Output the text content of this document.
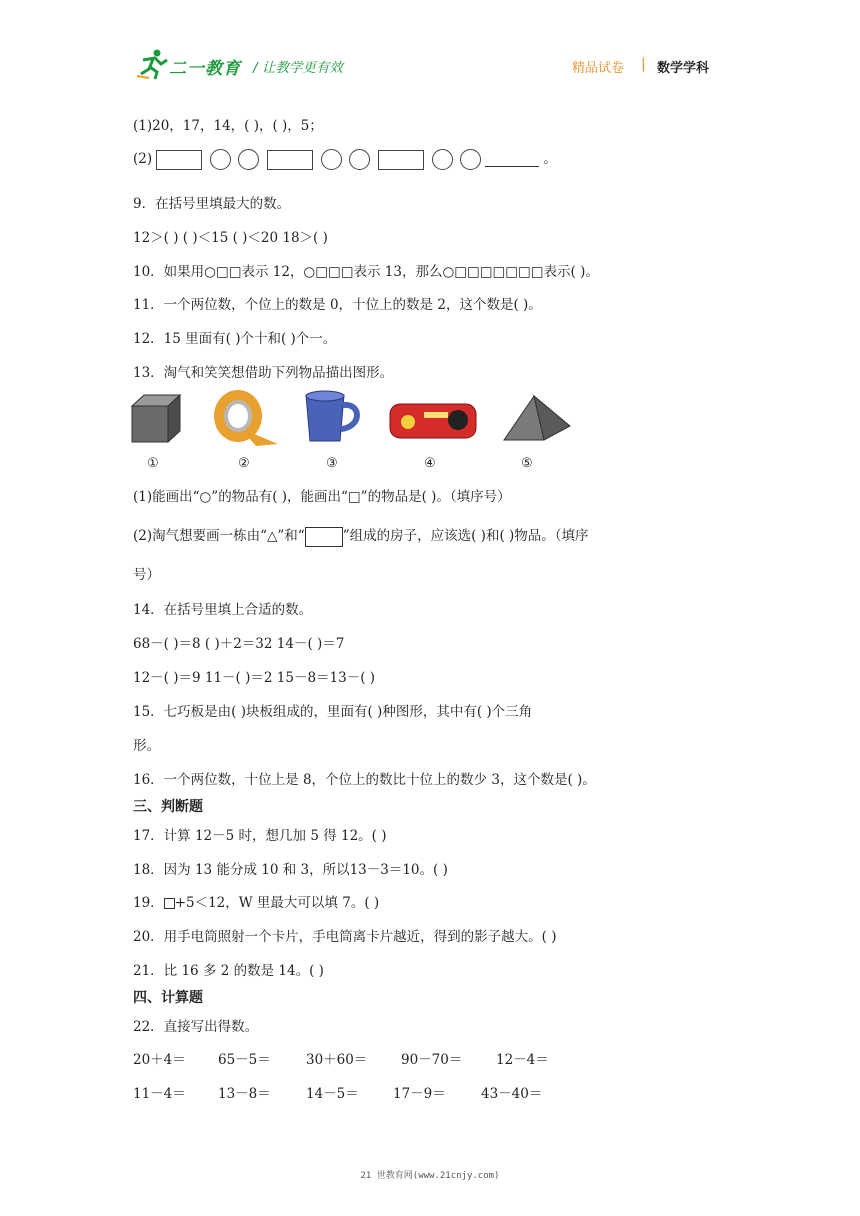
二一教育 / 让教学更有效	精品试卷 | 数学学科
(1)20，17，14，( )，( )，5；
(2)	。
9．在括号里填最大的数。
12＞( ) ( )＜15 ( )＜20 18＞( )
10．如果用○□□表示 12，○□□□表示 13，那么○□□□□□□□表示( )。
11．一个两位数，个位上的数是 0，十位上的数是 2，这个数是( )。
12．15 里面有( )个十和( )个一。
13．淘气和笑笑想借助下列物品描出图形。
①	②	③	④	⑤
(1)能画出“○”的物品有( )，能画出“□”的物品是( )。（填序号）
(2)淘气想要画一栋由“△”和“	”组成的房子，应该选( )和( )物品。（填序
号）
14．在括号里填上合适的数。
68－( )＝8 ( )＋2＝32 14－( )＝7
12－( )＝9 11－( )＝2 15－8＝13－( )
15．七巧板是由( )块板组成的，里面有( )种图形，其中有( )个三角
形。
16．一个两位数，十位上是 8，个位上的数比十位上的数少 3，这个数是( )。
三、判断题
17．计算 12－5 时，想几加 5 得 12。( )
18．因为 13 能分成 10 和 3，所以13－3＝10。( )
19． +5＜12，W 里最大可以填 7。( )
20．用手电筒照射一个卡片，手电筒离卡片越近，得到的影子越大。( )
21．比 16 多 2 的数是 14。( )
四、计算题
22．直接写出得数。
20＋4＝ 65－5＝	30＋60＝ 90－70＝ 12－4＝
11－4＝ 13－8＝	14－5＝	17－9＝	43－40＝
21 世教育网(www.21cnjy.com)
